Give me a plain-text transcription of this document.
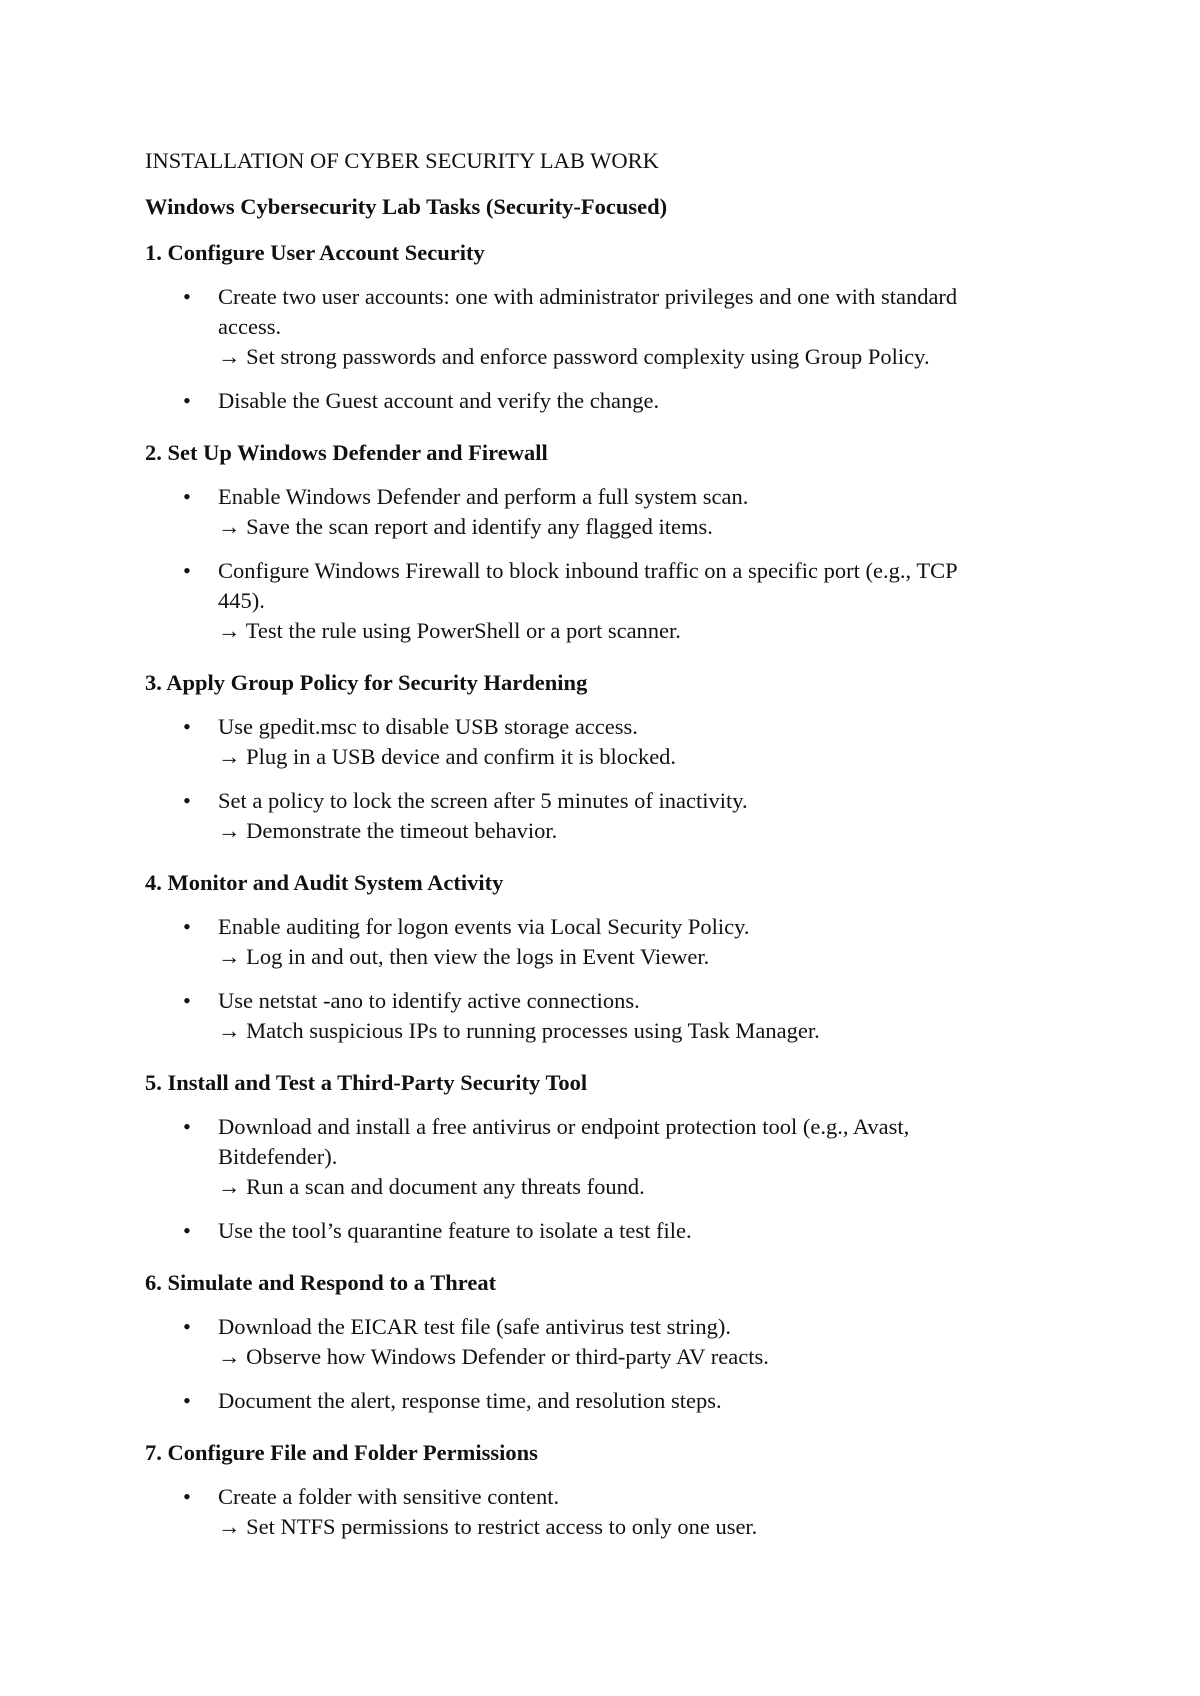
INSTALLATION OF CYBER SECURITY LAB WORK
Windows Cybersecurity Lab Tasks (Security-Focused)
1. Configure User Account Security
• Create two user accounts: one with administrator privileges and one with standard
access.
→ Set strong passwords and enforce password complexity using Group Policy.
• Disable the Guest account and verify the change.
2. Set Up Windows Defender and Firewall
• Enable Windows Defender and perform a full system scan.
→ Save the scan report and identify any flagged items.
• Configure Windows Firewall to block inbound traffic on a specific port (e.g., TCP
445).
→ Test the rule using PowerShell or a port scanner.
3. Apply Group Policy for Security Hardening
• Use gpedit.msc to disable USB storage access.
→ Plug in a USB device and confirm it is blocked.
• Set a policy to lock the screen after 5 minutes of inactivity.
→ Demonstrate the timeout behavior.
4. Monitor and Audit System Activity
• Enable auditing for logon events via Local Security Policy.
→ Log in and out, then view the logs in Event Viewer.
• Use netstat -ano to identify active connections.
→ Match suspicious IPs to running processes using Task Manager.
5. Install and Test a Third-Party Security Tool
• Download and install a free antivirus or endpoint protection tool (e.g., Avast,
Bitdefender).
→ Run a scan and document any threats found.
• Use the tool’s quarantine feature to isolate a test file.
6. Simulate and Respond to a Threat
• Download the EICAR test file (safe antivirus test string).
→ Observe how Windows Defender or third-party AV reacts.
• Document the alert, response time, and resolution steps.
7. Configure File and Folder Permissions
• Create a folder with sensitive content.
→ Set NTFS permissions to restrict access to only one user.
